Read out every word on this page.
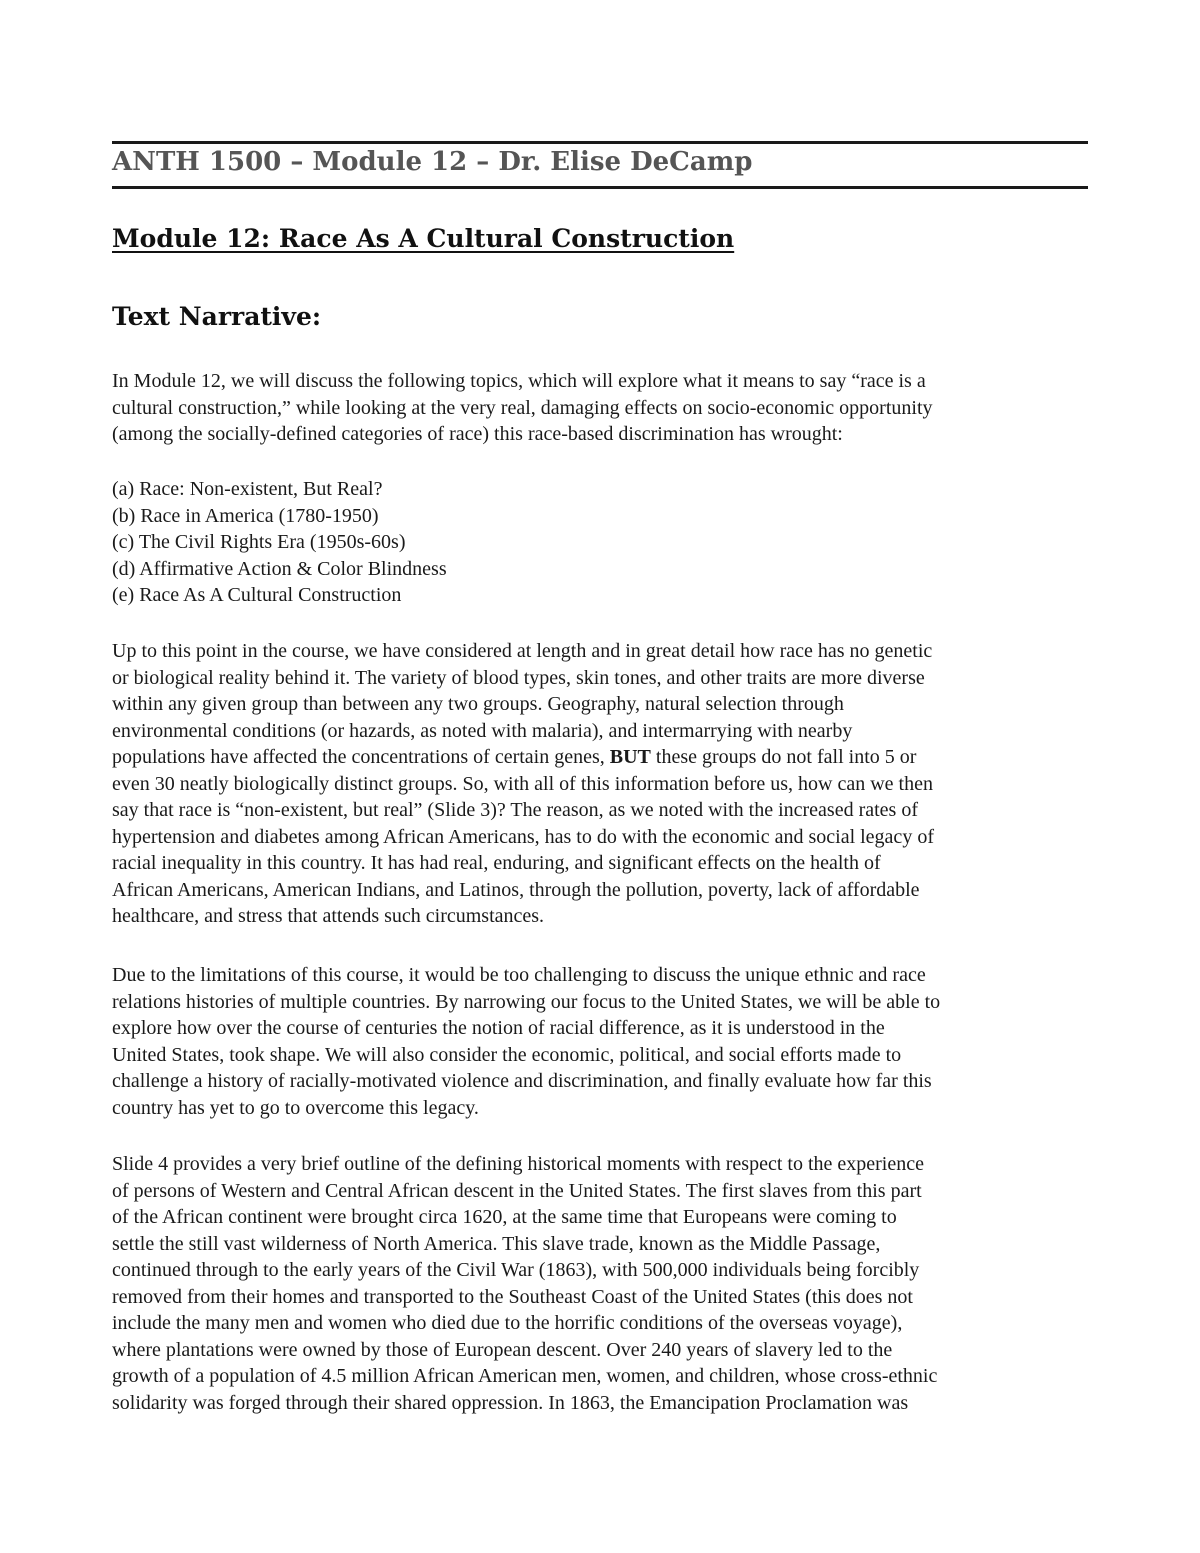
ANTH 1500 – Module 12 – Dr. Elise DeCamp
Module 12: Race As A Cultural Construction
Text Narrative:
In Module 12, we will discuss the following topics, which will explore what it means to say “race is a
cultural construction,” while looking at the very real, damaging effects on socio-economic opportunity
(among the socially-defined categories of race) this race-based discrimination has wrought:
(a) Race: Non-existent, But Real?
(b) Race in America (1780-1950)
(c) The Civil Rights Era (1950s-60s)
(d) Affirmative Action & Color Blindness
(e) Race As A Cultural Construction
Up to this point in the course, we have considered at length and in great detail how race has no genetic
or biological reality behind it. The variety of blood types, skin tones, and other traits are more diverse
within any given group than between any two groups. Geography, natural selection through
environmental conditions (or hazards, as noted with malaria), and intermarrying with nearby
populations have affected the concentrations of certain genes, BUT these groups do not fall into 5 or
even 30 neatly biologically distinct groups. So, with all of this information before us, how can we then
say that race is “non-existent, but real” (Slide 3)? The reason, as we noted with the increased rates of
hypertension and diabetes among African Americans, has to do with the economic and social legacy of
racial inequality in this country. It has had real, enduring, and significant effects on the health of
African Americans, American Indians, and Latinos, through the pollution, poverty, lack of affordable
healthcare, and stress that attends such circumstances.
Due to the limitations of this course, it would be too challenging to discuss the unique ethnic and race
relations histories of multiple countries. By narrowing our focus to the United States, we will be able to
explore how over the course of centuries the notion of racial difference, as it is understood in the
United States, took shape. We will also consider the economic, political, and social efforts made to
challenge a history of racially-motivated violence and discrimination, and finally evaluate how far this
country has yet to go to overcome this legacy.
Slide 4 provides a very brief outline of the defining historical moments with respect to the experience
of persons of Western and Central African descent in the United States. The first slaves from this part
of the African continent were brought circa 1620, at the same time that Europeans were coming to
settle the still vast wilderness of North America. This slave trade, known as the Middle Passage,
continued through to the early years of the Civil War (1863), with 500,000 individuals being forcibly
removed from their homes and transported to the Southeast Coast of the United States (this does not
include the many men and women who died due to the horrific conditions of the overseas voyage),
where plantations were owned by those of European descent. Over 240 years of slavery led to the
growth of a population of 4.5 million African American men, women, and children, whose cross-ethnic
solidarity was forged through their shared oppression. In 1863, the Emancipation Proclamation was
